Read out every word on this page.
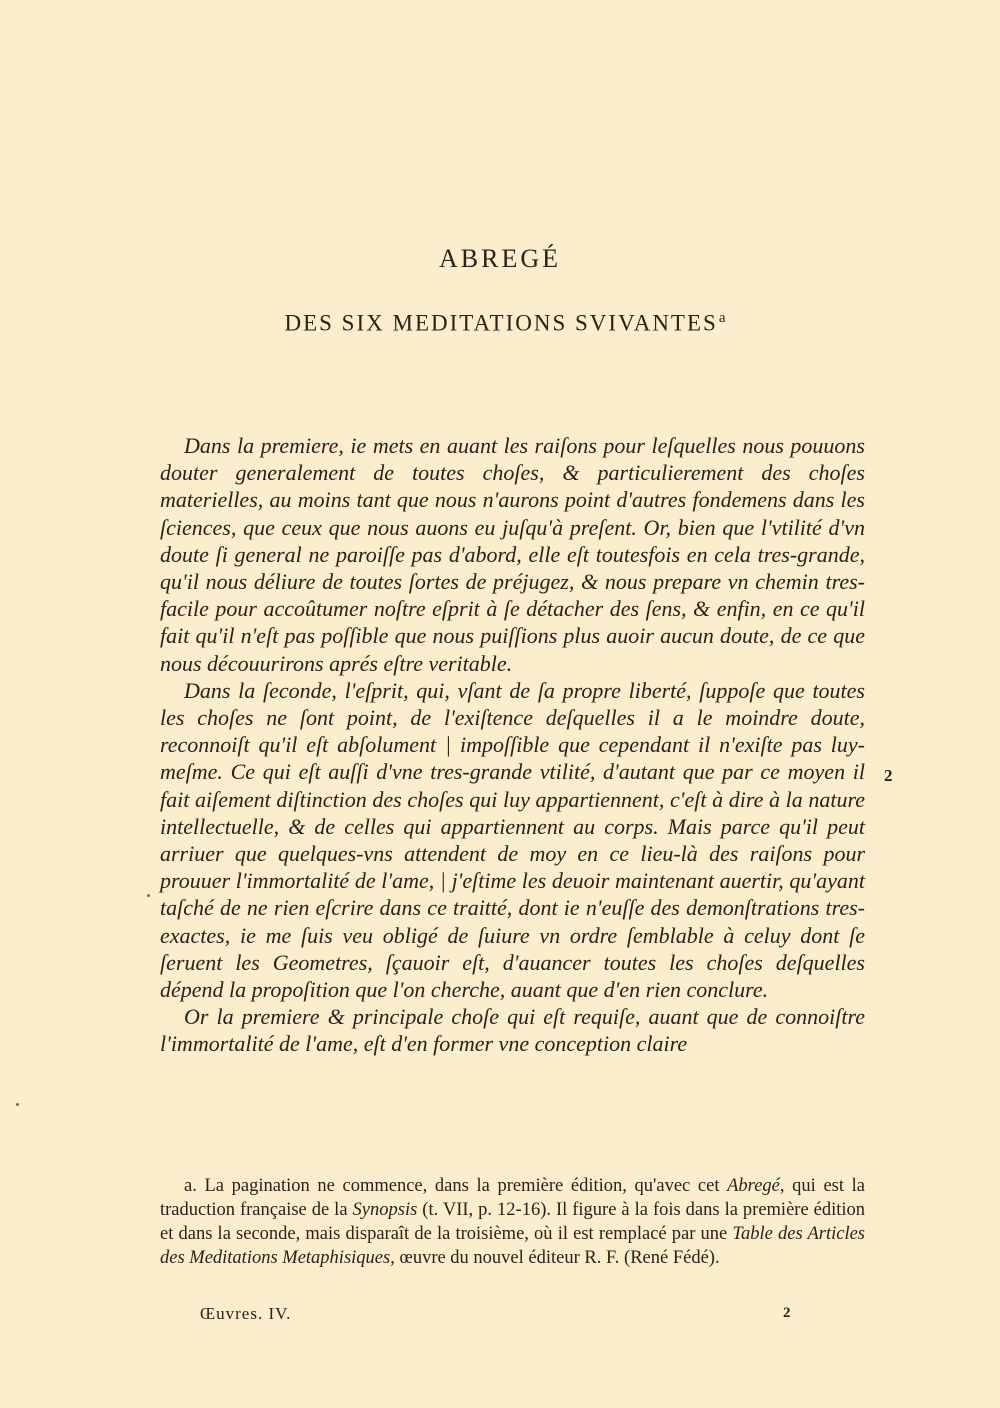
ABREGÉ
DES SIX MEDITATIONS SVIVANTES$^a$

Dans la premiere, ie mets en auant les raiſons pour leſquelles nous pouuons douter generalement de toutes choſes, & particulierement des choſes materielles, au moins tant que nous n'aurons point d'autres fondemens dans les ſciences, que ceux que nous auons eu juſqu'à preſent. Or, bien que l'vtilité d'vn doute ſi general ne paroiſſe pas d'abord, elle eſt toutesfois en cela tres-grande, qu'il nous déliure de toutes ſortes de préjugez, & nous prepare vn chemin tres-facile pour accoûtumer noſtre eſprit à ſe détacher des ſens, & enfin, en ce qu'il fait qu'il n'eſt pas poſſible que nous puiſſions plus auoir aucun doute, de ce que nous découurirons aprés eſtre veritable.

Dans la ſeconde, l'eſprit, qui, vſant de ſa propre liberté, ſuppoſe que toutes les choſes ne ſont point, de l'exiſtence deſquelles il a le moindre doute, reconnoiſt qu'il eſt abſolument | impoſſible que cependant il n'exiſte pas luy-meſme. Ce qui eſt auſſi d'vne tres-grande vtilité, d'autant que par ce moyen il fait aiſement diſtinction des choſes qui luy appartiennent, c'eſt à dire à la nature intellectuelle, & de celles qui appartiennent au corps. Mais parce qu'il peut arriuer que quelques-vns attendent de moy en ce lieu-là des raiſons pour prouuer l'immortalité de l'ame, | j'eſtime les deuoir maintenant auertir, qu'ayant taſché de ne rien eſcrire dans ce traitté, dont ie n'euſſe des demonſtrations tres-exactes, ie me ſuis veu obligé de ſuiure vn ordre ſemblable à celuy dont ſe ſeruent les Geometres, ſçauoir eſt, d'auancer toutes les choſes deſquelles dépend la propoſition que l'on cherche, auant que d'en rien conclure.

Or la premiere & principale choſe qui eſt requiſe, auant que de connoiſtre l'immortalité de l'ame, eſt d'en former vne conception claire

2
a. La pagination ne commence, dans la première édition, qu'avec cet Abregé, qui est la traduction française de la Synopsis (t. VII, p. 12-16). Il figure à la fois dans la première édition et dans la seconde, mais disparaît de la troisième, où il est remplacé par une Table des Articles des Meditations Metaphisiques, œuvre du nouvel éditeur R. F. (René Fédé).
Œuvres. IV.	2
